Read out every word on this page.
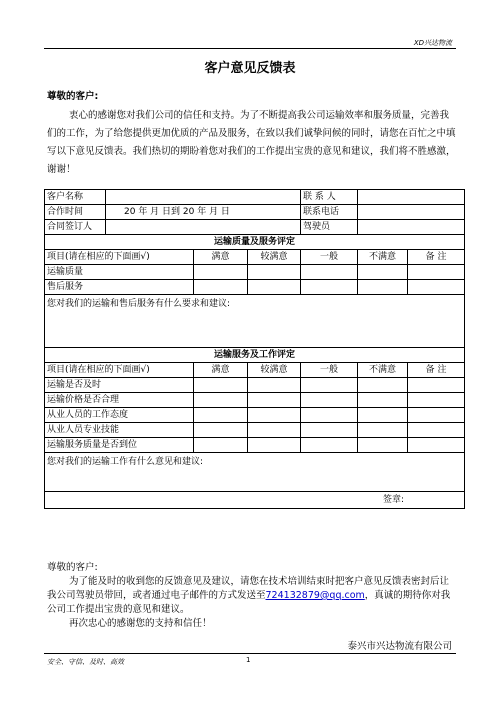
XD兴达物流
客户意见反馈表
尊敬的客户:
衷心的感谢您对我们公司的信任和支持。为了不断提高我公司运输效率和服务质量，完善我们的工作，为了给您提供更加优质的产品及服务，在致以我们诚挚问候的同时，请您在百忙之中填写以下意见反馈表。我们热切的期盼着您对我们的工作提出宝贵的意见和建议，我们将不胜感激，谢谢！
客户名称				联 系 人		
合作时间	20 年 月 日到 20 年 月 日			联系电话		
合同签订人				驾驶员		
运输质量及服务评定						
项目(请在相应的下面画√)		满意	较满意	一般	不满意	备 注
运输质量						
售后服务						
您对我们的运输和售后服务有什么要求和建议:						
运输服务及工作评定						
项目(请在相应的下面画√)		满意	较满意	一般	不满意	备 注
运输是否及时						
运输价格是否合理						
从业人员的工作态度						
从业人员专业技能						
运输服务质量是否到位						
您对我们的运输工作有什么意见和建议:						
签章:						
尊敬的客户:
为了能及时的收到您的反馈意见及建议，请您在技术培训结束时把客户意见反馈表密封后让我公司驾驶员带回，或者通过电子邮件的方式发送至724132879@qq.com，真诚的期待你对我公司工作提出宝贵的意见和建议。
再次忠心的感谢您的支持和信任！
泰兴市兴达物流有限公司
安全、守信、及时、高效	1
